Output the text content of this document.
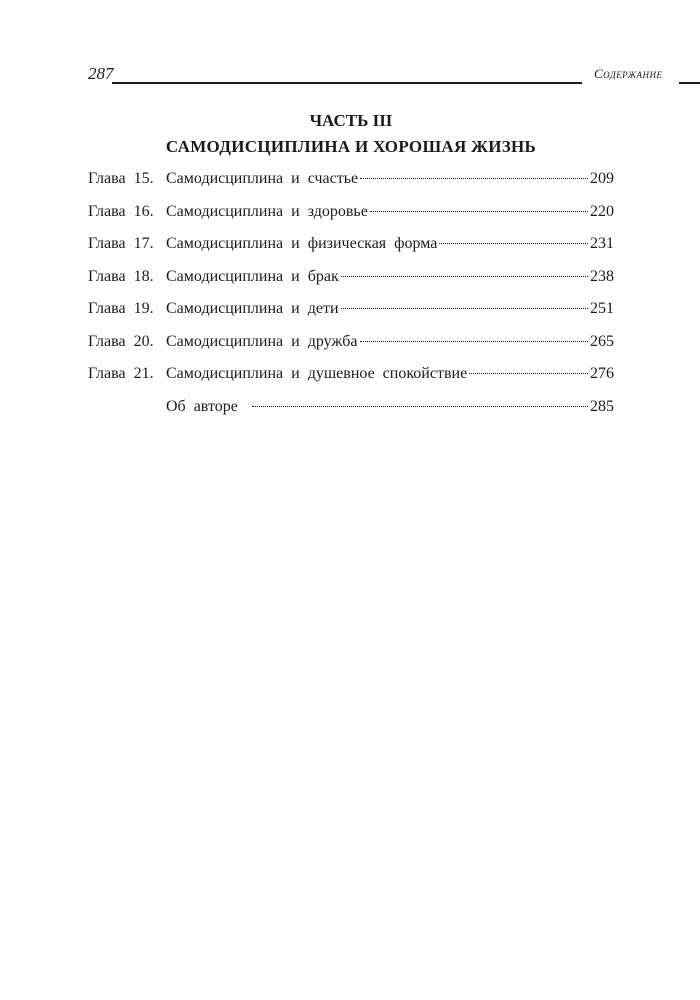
287	Содержание
ЧАСТЬ III
САМОДИСЦИПЛИНА И ХОРОШАЯ ЖИЗНЬ
Глава 15. Самодисциплина и счастье	209
Глава 16. Самодисциплина и здоровье	220
Глава 17. Самодисциплина и физическая форма	231
Глава 18. Самодисциплина и брак	238
Глава 19. Самодисциплина и дети	251
Глава 20. Самодисциплина и дружба	265
Глава 21. Самодисциплина и душевное спокойствие	276
Об авторе	285
